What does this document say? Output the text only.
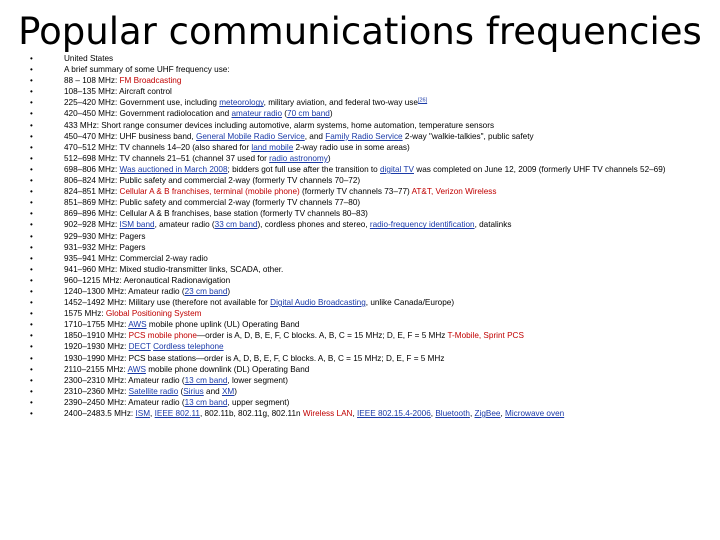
Popular communications frequencies
•	United States
•	A brief summary of some UHF frequency use:
•	88 – 108 MHz: FM Broadcasting
•	108–135 MHz: Aircraft control
•	225–420 MHz: Government use, including meteorology, military aviation, and federal two-way use[26]
•	420–450 MHz: Government radiolocation and amateur radio (70 cm band)
•	433 MHz: Short range consumer devices including automotive, alarm systems, home automation, temperature sensors
•	450–470 MHz: UHF business band, General Mobile Radio Service, and Family Radio Service 2-way "walkie-talkies", public safety
•	470–512 MHz: TV channels 14–20 (also shared for land mobile 2-way radio use in some areas)
•	512–698 MHz: TV channels 21–51 (channel 37 used for radio astronomy)
•	698–806 MHz: Was auctioned in March 2008; bidders got full use after the transition to digital TV was completed on June 12, 2009 (formerly UHF TV channels 52–69)
•	806–824 MHz: Public safety and commercial 2-way (formerly TV channels 70–72)
•	824–851 MHz: Cellular A & B franchises, terminal (mobile phone) (formerly TV channels 73–77) AT&T, Verizon Wireless
•	851–869 MHz: Public safety and commercial 2-way (formerly TV channels 77–80)
•	869–896 MHz: Cellular A & B franchises, base station (formerly TV channels 80–83)
•	902–928 MHz: ISM band, amateur radio (33 cm band), cordless phones and stereo, radio-frequency identification, datalinks
•	929–930 MHz: Pagers
•	931–932 MHz: Pagers
•	935–941 MHz: Commercial 2-way radio
•	941–960 MHz: Mixed studio-transmitter links, SCADA, other.
•	960–1215 MHz: Aeronautical Radionavigation
•	1240–1300 MHz: Amateur radio (23 cm band)
•	1452–1492 MHz: Military use (therefore not available for Digital Audio Broadcasting, unlike Canada/Europe)
•	1575 MHz: Global Positioning System
•	1710–1755 MHz: AWS mobile phone uplink (UL) Operating Band
•	1850–1910 MHz: PCS mobile phone—order is A, D, B, E, F, C blocks. A, B, C = 15 MHz; D, E, F = 5 MHz T-Mobile, Sprint PCS
•	1920–1930 MHz: DECT Cordless telephone
•	1930–1990 MHz: PCS base stations—order is A, D, B, E, F, C blocks. A, B, C = 15 MHz; D, E, F = 5 MHz
•	2110–2155 MHz: AWS mobile phone downlink (DL) Operating Band
•	2300–2310 MHz: Amateur radio (13 cm band, lower segment)
•	2310–2360 MHz: Satellite radio (Sirius and XM)
•	2390–2450 MHz: Amateur radio (13 cm band, upper segment)
•	2400–2483.5 MHz: ISM, IEEE 802.11, 802.11b, 802.11g, 802.11n Wireless LAN, IEEE 802.15.4-2006, Bluetooth, ZigBee, Microwave oven
